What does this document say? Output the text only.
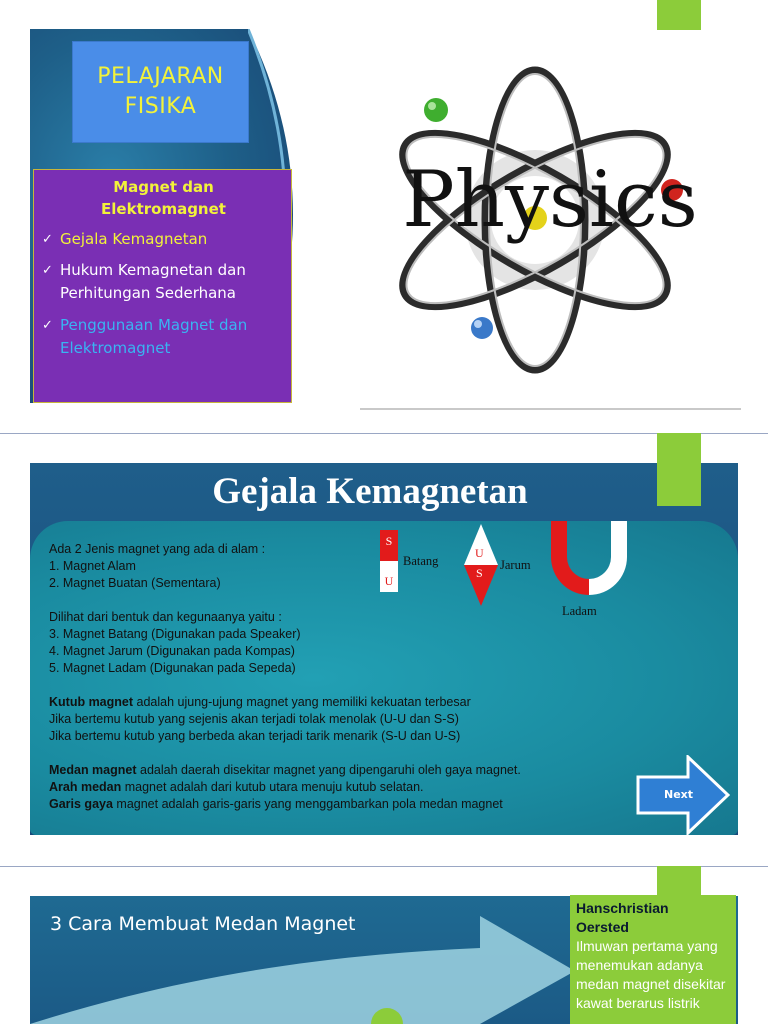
PELAJARAN
FISIKA
Magnet dan
Elektromagnet
✓ Gejala Kemagnetan
✓ Hukum Kemagnetan dan
Perhitungan Sederhana
✓ Penggunaan Magnet dan
Elektromagnet
Physics
Gejala Kemagnetan
Ada 2 Jenis magnet yang ada di alam :
1. Magnet Alam
2. Magnet Buatan (Sementara)
Dilihat dari bentuk dan kegunaanya yaitu :
3. Magnet Batang (Digunakan pada Speaker)
4. Magnet Jarum (Digunakan pada Kompas)
5. Magnet Ladam (Digunakan pada Sepeda)
Kutub magnet adalah ujung-ujung magnet yang memiliki kekuatan terbesar
Jika bertemu kutub yang sejenis akan terjadi tolak menolak (U-U dan S-S)
Jika bertemu kutub yang berbeda akan terjadi tarik menarik (S-U dan U-S)
Medan magnet adalah daerah disekitar magnet yang dipengaruhi oleh gaya magnet.
Arah medan magnet adalah dari kutub utara menuju kutub selatan.
Garis gaya magnet adalah garis-garis yang menggambarkan pola medan magnet
S
U
Batang
U
S
Jarum
Ladam
Next
3 Cara Membuat Medan Magnet
Hanschristian
Oersted
Ilmuwan pertama yang menemukan adanya medan magnet disekitar kawat berarus listrik
